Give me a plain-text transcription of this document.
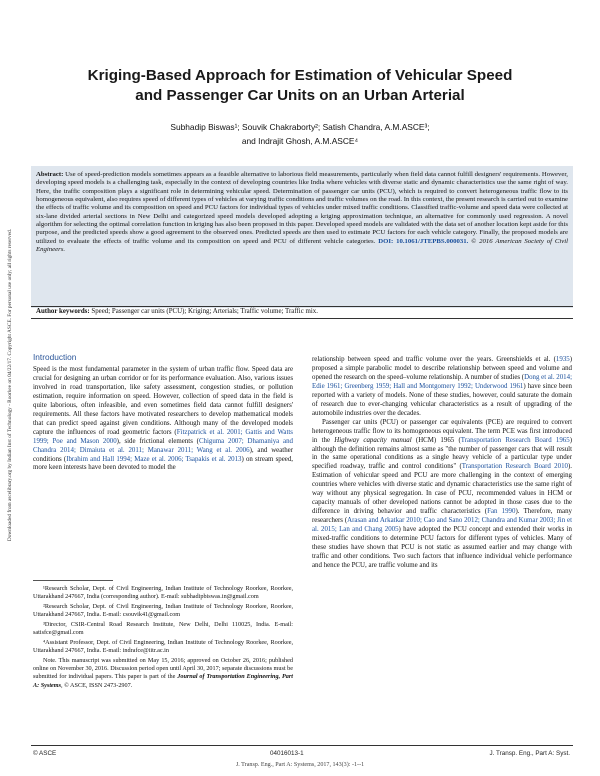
Downloaded from ascelibrary.org by Indian Inst of Technology - Roorkee on 04/22/17. Copyright ASCE. For personal use only; all rights reserved.
Kriging-Based Approach for Estimation of Vehicular Speed
and Passenger Car Units on an Urban Arterial
Subhadip Biswas¹; Souvik Chakraborty²; Satish Chandra, A.M.ASCE³;
and Indrajit Ghosh, A.M.ASCE⁴
Abstract: Use of speed-prediction models sometimes appears as a feasible alternative to laborious field measurements, particularly when field data cannot fulfill designers' requirements. However, developing speed models is a challenging task, especially in the context of developing countries like India where vehicles with diverse static and dynamic characteristics use the same right of way. Here, the traffic composition plays a significant role in determining vehicular speed. Determination of passenger car units (PCU), which is required to convert heterogeneous traffic flow to its homogeneous equivalent, also requires speed of different types of vehicles at varying traffic conditions and traffic volumes on the road. In this context, the present research is carried out to examine the effects of traffic volume and its composition on speed and PCU factors for individual types of vehicles under mixed traffic conditions. Classified traffic-volume and speed data were collected at six-lane divided arterial sections in New Delhi and categorized speed models developed adopting a kriging approximation technique, an alternative for commonly used regression. A novel algorithm for selecting the optimal correlation function in kriging has also been proposed in this paper. Developed speed models are validated with the data set of another location kept aside for this purpose, and the predicted speeds show a good agreement to the observed ones. Predicted speeds are then used to estimate PCU factors for each vehicle category. Finally, the proposed models are utilized to evaluate the effects of traffic volume and its composition on speed and PCU of different vehicle categories. DOI: 10.1061/JTEPBS.000031. © 2016 American Society of Civil Engineers.
Author keywords: Speed; Passenger car units (PCU); Kriging; Arterials; Traffic volume; Traffic mix.
Introduction

Speed is the most fundamental parameter in the system of urban traffic flow. Speed data are crucial for designing an urban corridor or for its performance evaluation. Also, various issues involved in road transportation, like safety assessment, congestion studies, or pollution estimation, require information on speed. However, collection of speed data in the field is quite laborious, often infeasible, and even sometimes field data cannot fulfill designers' requirements. All these factors have motivated researchers to develop mathematical models that can predict speed against given conditions. Although many of the developed models capture the influences of road geometric factors (Fitzpatrick et al. 2001; Gattis and Watts 1999; Poe and Mason 2000), side frictional elements (Chiguma 2007; Dhamaniya and Chandra 2014; Dimaiuta et al. 2011; Manawar 2011; Wang et al. 2006), and weather conditions (Ibrahim and Hall 1994; Maze et al. 2006; Tsapakis et al. 2013) on stream speed, more keen interests have been devoted to model the

¹Research Scholar, Dept. of Civil Engineering, Indian Institute of Technology Roorkee, Roorkee, Uttarakhand 247667, India (corresponding author). E-mail: subhadipbiswas.in@gmail.com

²Research Scholar, Dept. of Civil Engineering, Indian Institute of Technology Roorkee, Roorkee, Uttarakhand 247667, India. E-mail: csouvik41@gmail.com

³Director, CSIR-Central Road Research Institute, New Delhi, Delhi 110025, India. E-mail: satisfce@gmail.com

⁴Assistant Professor, Dept. of Civil Engineering, Indian Institute of Technology Roorkee, Roorkee, Uttarakhand 247667, India. E-mail: indrafce@iitr.ac.in

Note. This manuscript was submitted on May 15, 2016; approved on October 26, 2016; published online on November 30, 2016. Discussion period open until April 30, 2017; separate discussions must be submitted for individual papers. This paper is part of the Journal of Transportation Engineering, Part A: Systems, © ASCE, ISSN 2473-2907.

relationship between speed and traffic volume over the years. Greenshields et al. (1935) proposed a simple parabolic model to describe relationship between speed and volume and opened the research on the speed–volume relationship. A number of studies (Dong et al. 2014; Edie 1961; Greenberg 1959; Hall and Montgomery 1992; Underwood 1961) have since been reported with a variety of models. None of these studies, however, could saturate the domain of research due to ever-changing vehicular characteristics as a result of upgrading of the automobile industries over the decades.

Passenger car units (PCU) or passenger car equivalents (PCE) are required to convert heterogeneous traffic flow to its homogeneous equivalent. The term PCE was first introduced in the Highway capacity manual (HCM) 1965 (Transportation Research Board 1965) although the definition remains almost same as "the number of passenger cars that will result in the same operational conditions as a single heavy vehicle of a particular type under specified roadway, traffic and control conditions" (Transportation Research Board 2010). Estimation of vehicular speed and PCU are more challenging in the context of emerging countries where vehicles with diverse static and dynamic characteristics use the same right of way without any physical segregation. In case of PCU, recommended values in HCM or capacity manuals of other developed nations cannot be adopted in those cases due to the difference in driving behavior and traffic characteristics (Fan 1990). Therefore, many researchers (Arasan and Arkatkar 2010; Cao and Sano 2012; Chandra and Kumar 2003; Jin et al. 2015; Lan and Chang 2005) have adopted the PCU concept and extended their works in mixed-traffic conditions to determine PCU factors for different types of vehicles. Many of these studies have shown that PCU is not static as assumed earlier and may change with traffic and other conditions. Two such factors that influence individual vehicle performance and hence the PCU, are traffic volume and its

© ASCE	04016013-1	J. Transp. Eng., Part A: Syst.
J. Transp. Eng., Part A: Systems, 2017, 143(3): -1--1
